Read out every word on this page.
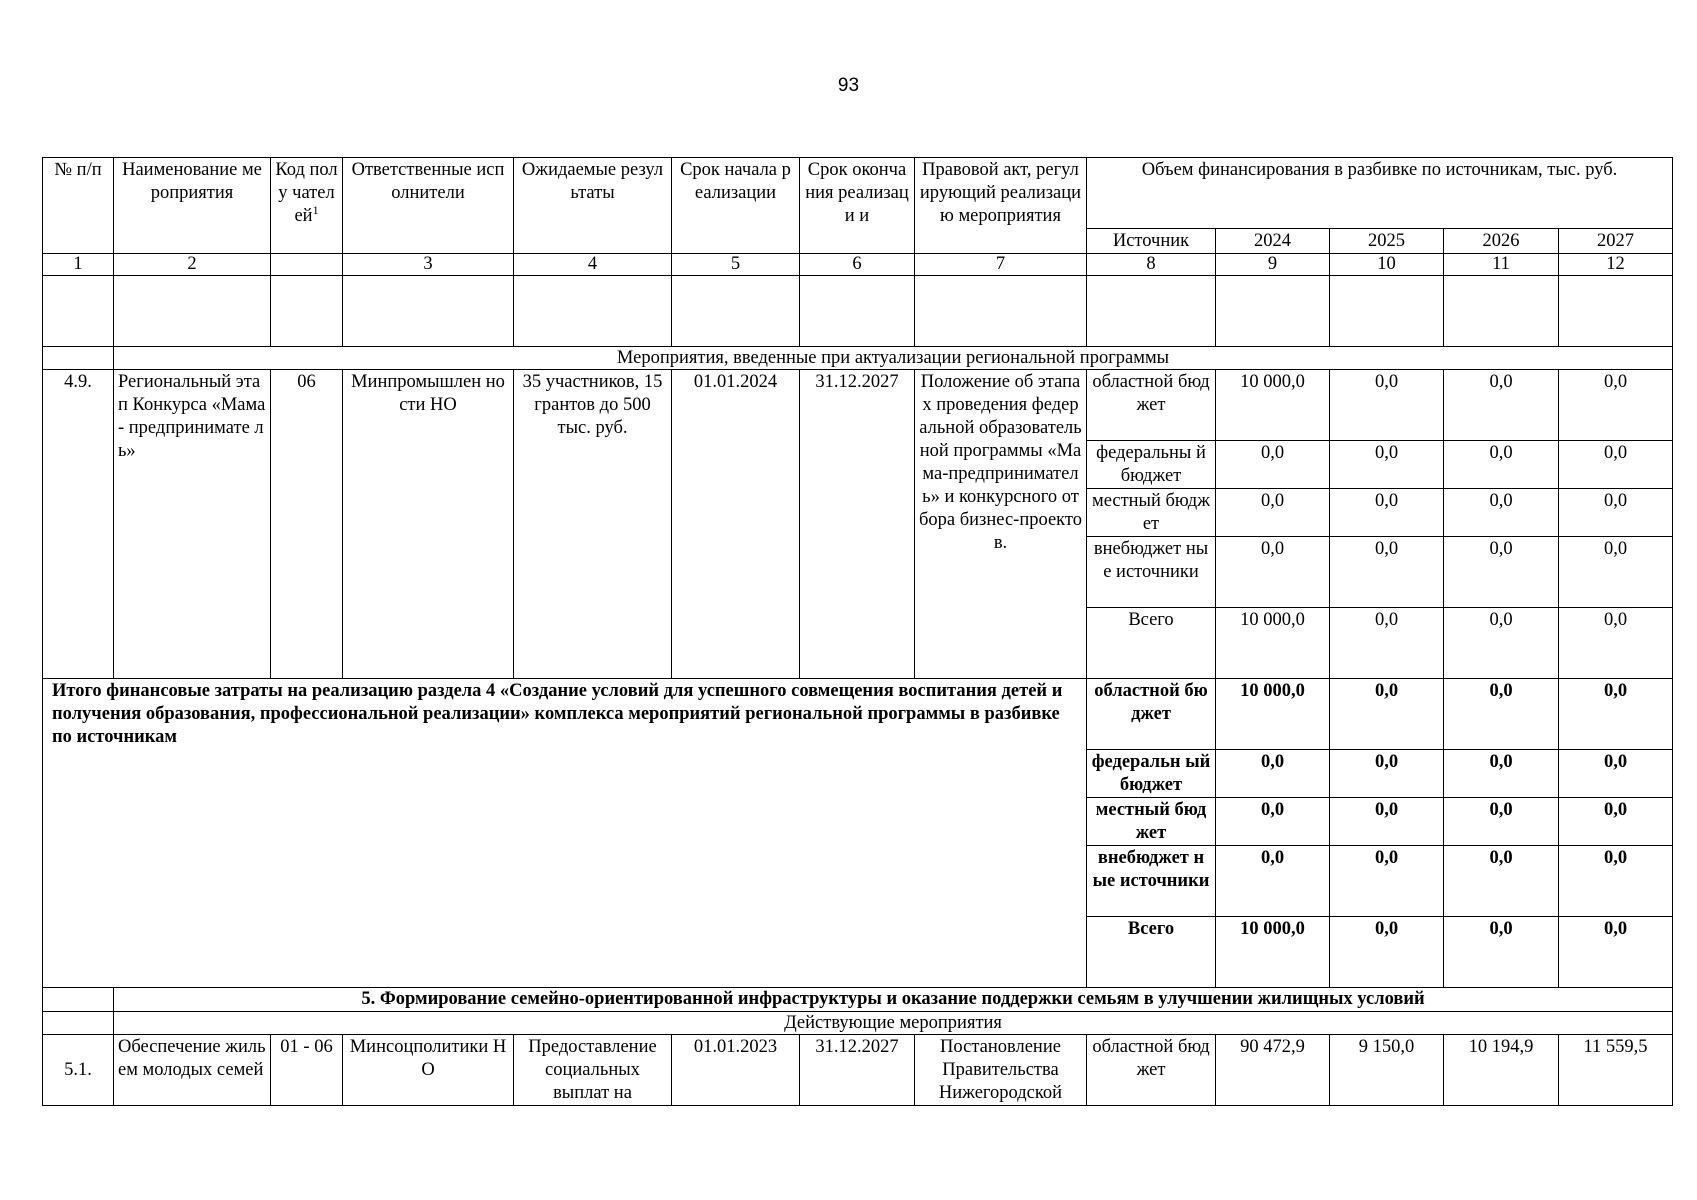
93
№ п/п	Наименование мероприятия	Код полу чател $ей^1$	Ответственные исполнители	Ожидаемые результаты	Срок начала реализации	Срок окончания реализаци и	Правовой акт, регулирующий реализацию мероприятия	Объем финансирования в разбивке по источникам, тыс. руб.				
								Источник	2024	2025	2026	2027
1	2		3	4	5	6	7	8	9	10	11	12

	Мероприятия, введенные при актуализации региональной программы											
4.9.	Региональный этап Конкурса «Мама - предпринимате ль»	06	Минпромышлен ности НО	35 участников, 15 грантов до 500 тыс. руб.	01.01.2024	31.12.2027	Положение об этапах проведения федеральной образовательной программы «Мама-предпринимател ь» и конкурсного отбора бизнес-проектов.	областной бюджет	10 000,0	0,0	0,0	0,0
								федеральны й бюджет	0,0	0,0	0,0	0,0
								местный бюджет	0,0	0,0	0,0	0,0
								внебюджет ные источники	0,0	0,0	0,0	0,0
								Всего	10 000,0	0,0	0,0	0,0
Итого финансовые затраты на реализацию раздела 4 «Создание условий для успешного совмещения воспитания детей и получения образования, профессиональной реализации» комплекса мероприятий региональной программы в разбивке по источникам								областной бюджет	10 000,0	0,0	0,0	0,0
								федеральн ый бюджет	0,0	0,0	0,0	0,0
								местный бюджет	0,0	0,0	0,0	0,0
								внебюджет ные источники	0,0	0,0	0,0	0,0
								Всего	10 000,0	0,0	0,0	0,0
	5. Формирование семейно-ориентированной инфраструктуры и оказание поддержки семьям в улучшении жилищных условий											
	Действующие мероприятия											
5.1.	Обеспечение жильем молодых семей	01 - 06	Минсоцполитики НО	Предоставление социальных выплат на	01.01.2023	31.12.2027	Постановление Правительства Нижегородской	областной бюджет	90 472,9	9 150,0	10 194,9	11 559,5
